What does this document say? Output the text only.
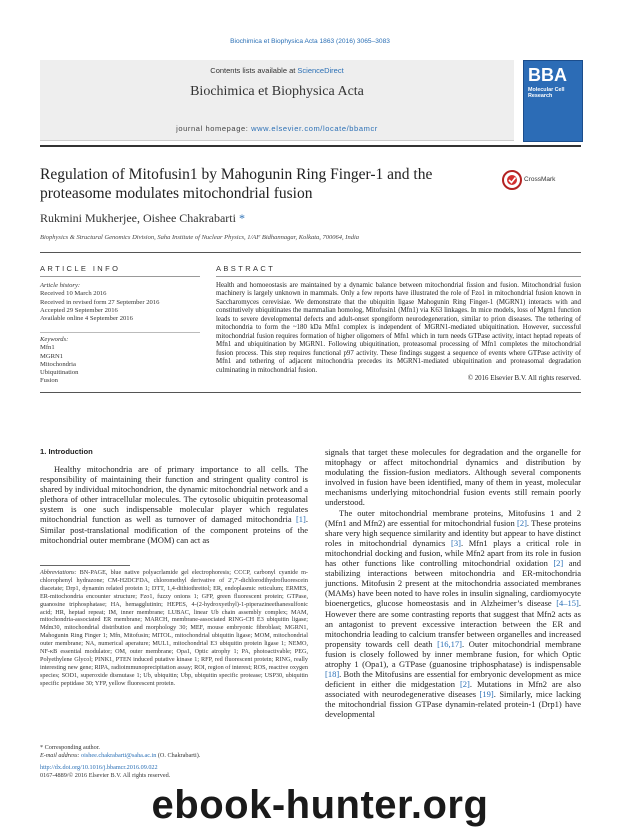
Biochimica et Biophysica Acta 1863 (2016) 3065–3083
Contents lists available at ScienceDirect
Biochimica et Biophysica Acta
journal homepage: www.elsevier.com/locate/bbamcr
BBA
Molecular Cell Research
Regulation of Mitofusin1 by Mahogunin Ring Finger-1 and the proteasome modulates mitochondrial fusion
CrossMark
Rukmini Mukherjee, Oishee Chakrabarti *
Biophysics & Structural Genomics Division, Saha Institute of Nuclear Physics, 1/AF Bidhannagar, Kolkata, 700064, India
ARTICLE INFO	ABSTRACT
Article history:
Received 10 March 2016
Received in revised form 27 September 2016
Accepted 29 September 2016
Available online 4 September 2016
Keywords:
Mfn1
MGRN1
Mitochondria
Ubiquitination
Fusion
Health and homoeostasis are maintained by a dynamic balance between mitochondrial fission and fusion. Mitochondrial fusion machinery is largely unknown in mammals. Only a few reports have illustrated the role of Fzo1 in mitochondrial fusion known in Saccharomyces cerevisiae. We demonstrate that the ubiquitin ligase Mahogunin Ring Finger-1 (MGRN1) interacts with and constitutively ubiquitinates the mammalian homolog, Mitofusin1 (Mfn1) via K63 linkages. In mice models, loss of Mgrn1 function leads to severe developmental defects and adult-onset spongiform neurodegeneration, similar to prion diseases. The tethering of mitochondria to form the ~180 kDa Mfn1 complex is independent of MGRN1-mediated ubiquitination. However, successful mitochondrial fusion requires formation of higher oligomers of Mfn1 which in turn needs GTPase activity, intact heptad repeats of Mfn1 and ubiquitination by MGRN1. Following ubiquitination, proteasomal processing of Mfn1 completes the mitochondrial fusion process. This step requires functional p97 activity. These findings suggest a sequence of events where GTPase activity of Mfn1 and tethering of adjacent mitochondria precedes its MGRN1-mediated ubiquitination and proteasomal degradation culminating in mitochondrial fusion.
© 2016 Elsevier B.V. All rights reserved.
1. Introduction

Healthy mitochondria are of primary importance to all cells. The responsibility of maintaining their function and stringent quality control is shared by individual mitochondrion, the dynamic mitochondrial network and a plethora of other intracellular molecules. The cytosolic ubiquitin proteasomal system is one such indispensable molecular player which regulates mitochondrial function as well as turnover of damaged mitochondria [1]. Similar post-translational modification of the component proteins of the mitochondrial outer membrane (MOM) can act as

Abbreviations: BN-PAGE, blue native polyacrlamide gel electrophoresis; CCCP, carbonyl cyanide m-chlorophenyl hydrazone; CM-H2DCFDA, chloromethyl derivative of 2′,7′-dichlorodihydrofluorescein diacetate; Drp1, dynamin related protein 1; DTT, 1,4-dithiothreitol; ER, endoplasmic reticulum; ERMES, ER-mitochondria encounter structure; Fzo1, fuzzy onions 1; GFP, green fluorescent protein; GTPase, guanosine triphosphatase; HA, hemagglutinin; HEPES, 4-(2-hydroxyethyl)-1-piperazineethanesulfonic acid; HR, heptad repeat; IM, inner membrane; LUBAC, linear Ub chain assembly complex; MAM, mitochondria-associated ER membrane; MARCH, membrane-associated RING-CH E3 ubiquitin ligase; Mdm30, mitochondrial distribution and morphology 30; MEF, mouse embryonic fibroblast; MGRN1, Mahogunin Ring Finger 1; Mfn, Mitofusin; MITOL, mitochondrial ubiquitin ligase; MOM, mitochondrial outer membrane; NA, numerical aperature; MUL1, mitochondrial E3 ubiquitin protein ligase 1; NEMO, NF-κB essential modulator; OM, outer membrane; Opa1, Optic atrophy 1; PA, photoactivable; PEG, Polyethylene Glycol; PINK1, PTEN induced putative kinase 1; RFP, red fluorescent protein; RING, really interesting new gene; RIPA, radioimmunoprecipitation assay; ROI, region of interest; ROS, reactive oxygen species; SOD1, superoxide dismutase 1; Ub, ubiquitin; Ubp, ubiquitin specific protease; USP30, ubiquitin specific peptidase 30; YFP, yellow fluorescent protein.
* Corresponding author.
E-mail address: oishee.chakrabarti@saha.ac.in (O. Chakrabarti).
http://dx.doi.org/10.1016/j.bbamcr.2016.09.022
0167-4889/© 2016 Elsevier B.V. All rights reserved.

signals that target these molecules for degradation and the organelle for mitophagy or affect mitochondrial dynamics and distribution by modulating the fission-fusion mediators. Although several components involved in fusion have been identified, many of them in yeast, molecular mechanisms underlying mitochondrial fusion events still remain poorly understood.

The outer mitochondrial membrane proteins, Mitofusins 1 and 2 (Mfn1 and Mfn2) are essential for mitochondrial fusion [2]. These proteins share very high sequence similarity and identity but appear to have distinct roles in mitochondrial dynamics [3]. Mfn1 plays a critical role in mitochondrial docking and fusion, while Mfn2 apart from its role in fusion has other functions like controlling mitochondrial oxidation [2] and stabilizing interactions between mitochondria and ER-mitochondria junctions. Mitofusin 2 present at the mitochondria associated membranes (MAMs) have been noted to have roles in insulin signaling, cardiomyocyte bioenergetics, glucose homeostasis and in Alzheimer’s disease [4–15]. However there are some contrasting reports that suggest that Mfn2 acts as an antagonist to prevent excessive interaction between the ER and mitochondria leading to calcium transfer between organelles and increased propensity towards cell death [16,17]. Outer mitochondrial membrane fusion is closely followed by inner membrane fusion, for which Optic atrophy 1 (Opa1), a GTPase (guanosine triphosphatase) is indispensable [18]. Both the Mitofusins are essential for embryonic development as mice deficient in either die midgestation [2]. Mutations in Mfn2 are also associated with neurodegenerative diseases [19]. Similarly, mice lacking the mitochondrial fission GTPase dynamin-related protein-1 (Drp1) have developmental

ebook-hunter.org
